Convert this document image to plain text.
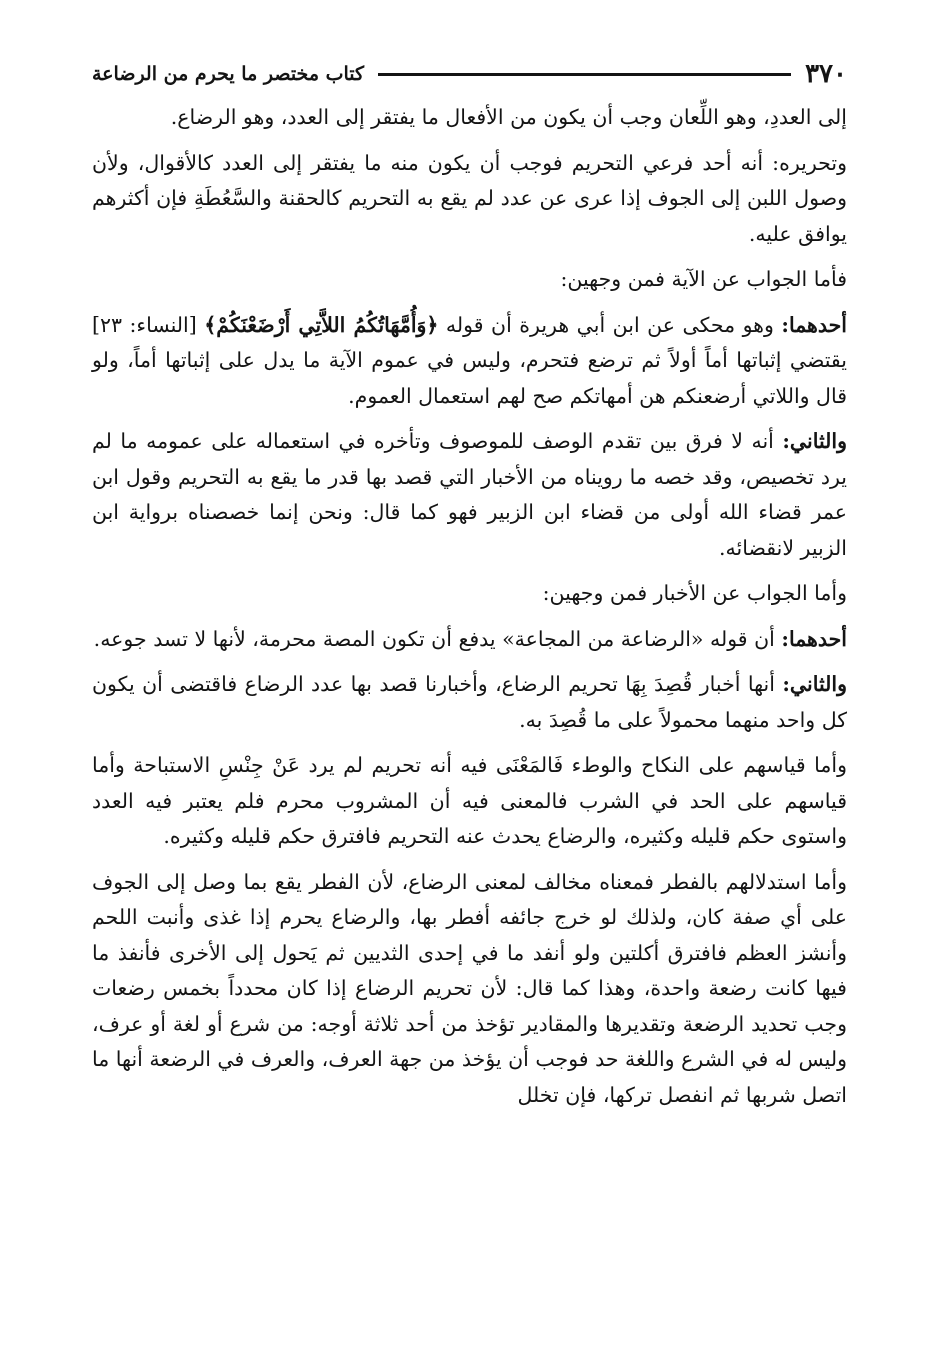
٣٧٠
كتاب مختصر ما يحرم من الرضاعة

إلى العددِ، وهو اللِّعان وجب أن يكون من الأفعال ما يفتقر إلى العدد، وهو الرضاع.

وتحريره: أنه أحد فرعي التحريم فوجب أن يكون منه ما يفتقر إلى العدد كالأقوال، ولأن وصول اللبن إلى الجوف إذا عرى عن عدد لم يقع به التحريم كالحقنة والسَّعُطَةِ فإن أكثرهم يوافق عليه.

فأما الجواب عن الآية فمن وجهين:

أحدهما: وهو محكى عن ابن أبي هريرة أن قوله ﴿وَأُمَّهَاتُكُمُ اللاَّتِي أَرْضَعْنَكُمْ﴾ [النساء: ٢٣] يقتضي إثباتها أماً أولاً ثم ترضع فتحرم، وليس في عموم الآية ما يدل على إثباتها أماً، ولو قال واللاتي أرضعنكم هن أمهاتكم صح لهم استعمال العموم.

والثاني: أنه لا فرق بين تقدم الوصف للموصوف وتأخره في استعماله على عمومه ما لم يرد تخصيص، وقد خصه ما رويناه من الأخبار التي قصد بها قدر ما يقع به التحريم وقول ابن عمر قضاء الله أولى من قضاء ابن الزبير فهو كما قال: ونحن إنما خصصناه برواية ابن الزبير لانقضائه.

وأما الجواب عن الأخبار فمن وجهين:

أحدهما: أن قوله «الرضاعة من المجاعة» يدفع أن تكون المصة محرمة، لأنها لا تسد جوعه.

والثاني: أنها أخبار قُصِدَ بِهَا تحريم الرضاع، وأخبارنا قصد بها عدد الرضاع فاقتضى أن يكون كل واحد منهما محمولاً على ما قُصِدَ به.

وأما قياسهم على النكاح والوطء فَالمَعْنَى فيه أنه تحريم لم يرد عَنْ جِنْسِ الاستباحة وأما قياسهم على الحد في الشرب فالمعنى فيه أن المشروب محرم فلم يعتبر فيه العدد واستوى حكم قليله وكثيره، والرضاع يحدث عنه التحريم فافترق حكم قليله وكثيره.

وأما استدلالهم بالفطر فمعناه مخالف لمعنى الرضاع، لأن الفطر يقع بما وصل إلى الجوف على أي صفة كان، ولذلك لو خرج جائفه أفطر بها، والرضاع يحرم إذا غذى وأنبت اللحم وأنشز العظم فافترق أكلتين ولو أنفد ما في إحدى الثديين ثم يَحول إلى الأخرى فأنفذ ما فيها كانت رضعة واحدة، وهذا كما قال: لأن تحريم الرضاع إذا كان محدداً بخمس رضعات وجب تحديد الرضعة وتقديرها والمقادير تؤخذ من أحد ثلاثة أوجه: من شرع أو لغة أو عرف، وليس له في الشرع واللغة حد فوجب أن يؤخذ من جهة العرف، والعرف في الرضعة أنها ما اتصل شربها ثم انفصل تركها، فإن تخلل
